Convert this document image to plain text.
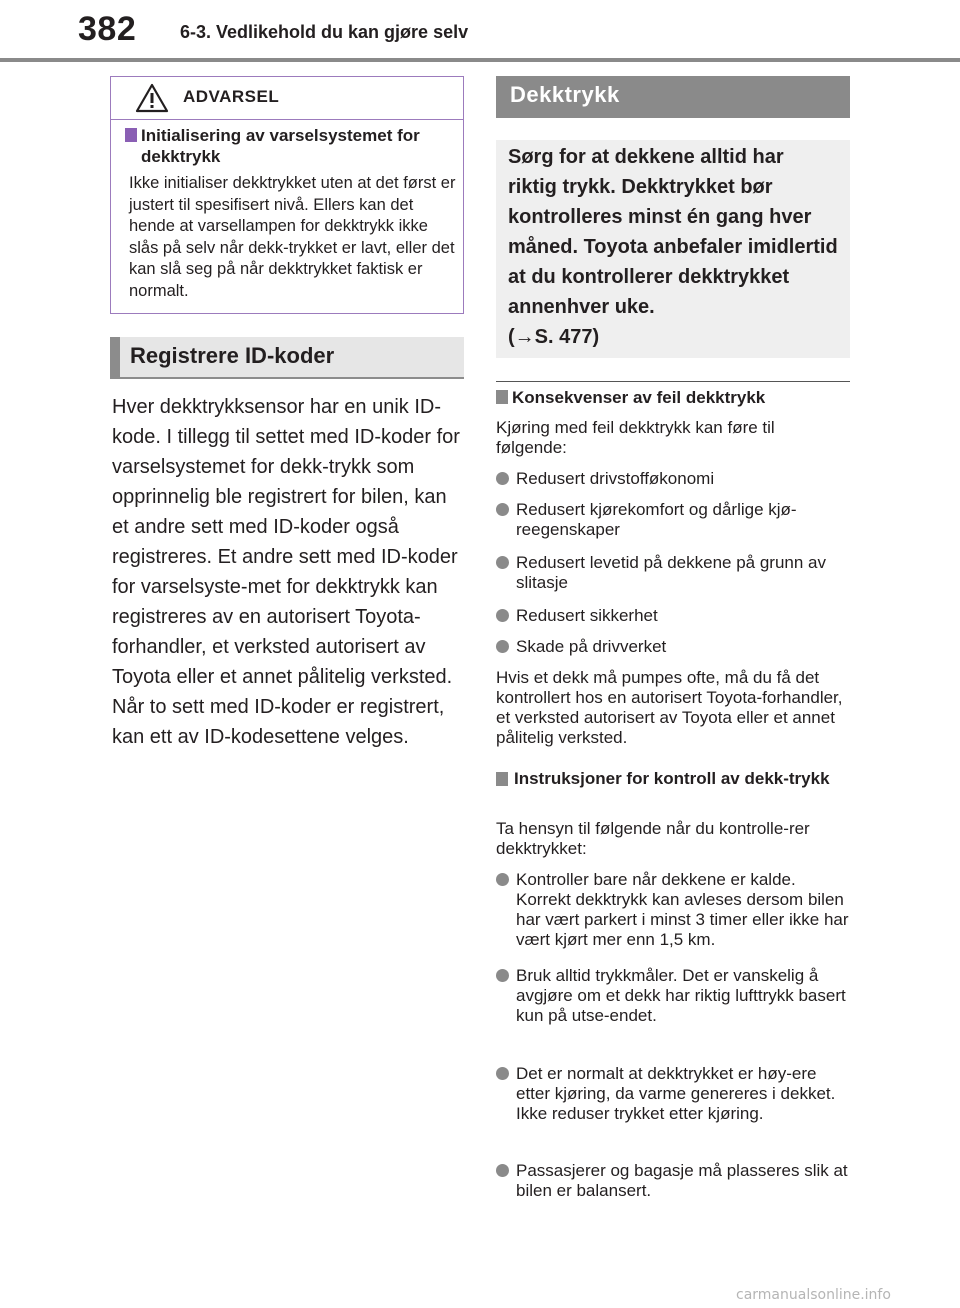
382 6-3. Vedlikehold du kan gjøre selv
ADVARSEL
Initialisering av varselsystemet for dekktrykk
Ikke initialiser dekktrykket uten at det først er justert til spesifisert nivå. Ellers kan det hende at varsellampen for dekktrykk ikke slås på selv når dekk-trykket er lavt, eller det kan slå seg på når dekktrykket faktisk er normalt.
Registrere ID-koder
Hver dekktrykksensor har en unik ID-kode. I tillegg til settet med ID-koder for varselsystemet for dekk-trykk som opprinnelig ble registrert for bilen, kan et andre sett med ID-koder også registreres. Et andre sett med ID-koder for varselsyste-met for dekktrykk kan registreres av en autorisert Toyota-forhandler, et verksted autorisert av Toyota eller et annet pålitelig verksted. Når to sett med ID-koder er registrert, kan ett av ID-kodesettene velges.
Dekktrykk
Sørg for at dekkene alltid har riktig trykk. Dekktrykket bør kontrolleres minst én gang hver måned. Toyota anbefaler imidlertid at du kontrollerer dekktrykket annenhver uke.
(→S. 477)
Konsekvenser av feil dekktrykk
Kjøring med feil dekktrykk kan føre til følgende:
Redusert drivstofføkonomi
Redusert kjørekomfort og dårlige kjø-reegenskaper
Redusert levetid på dekkene på grunn av slitasje
Redusert sikkerhet
Skade på drivverket
Hvis et dekk må pumpes ofte, må du få det kontrollert hos en autorisert Toyota-forhandler, et verksted autorisert av Toyota eller et annet pålitelig verksted.
Instruksjoner for kontroll av dekk-trykk
Ta hensyn til følgende når du kontrolle-rer dekktrykket:
Kontroller bare når dekkene er kalde. Korrekt dekktrykk kan avleses dersom bilen har vært parkert i minst 3 timer eller ikke har vært kjørt mer enn 1,5 km.
Bruk alltid trykkmåler. Det er vanskelig å avgjøre om et dekk har riktig lufttrykk basert kun på utse-endet.
Det er normalt at dekktrykket er høy-ere etter kjøring, da varme genereres i dekket. Ikke reduser trykket etter kjøring.
Passasjerer og bagasje må plasseres slik at bilen er balansert.
carmanualsonline.info
